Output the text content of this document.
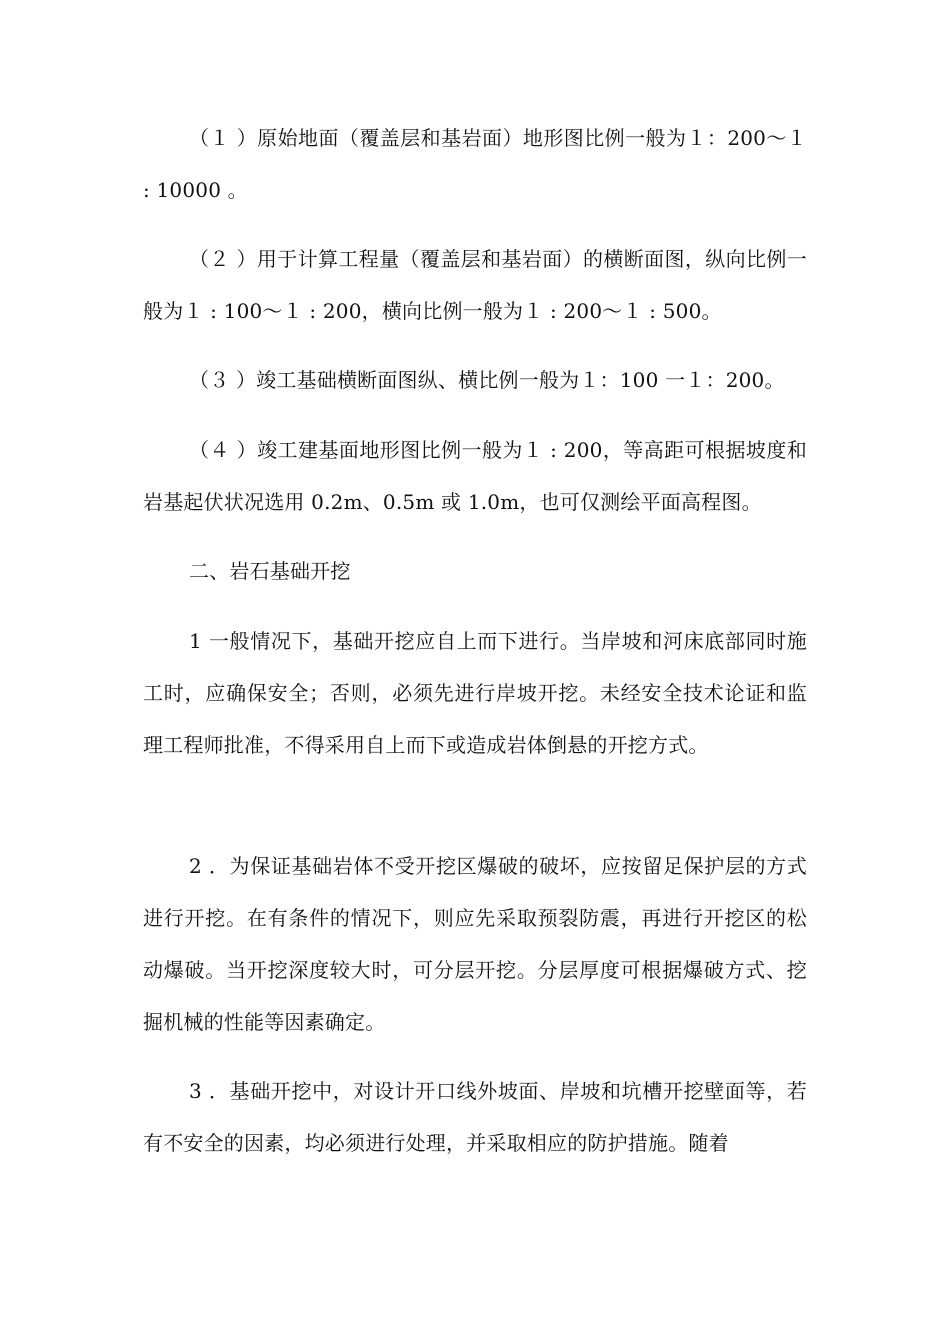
（１ ）原始地面（覆盖层和基岩面）地形图比例一般为１：200～１ : 10000 。

（２ ）用于计算工程量（覆盖层和基岩面）的横断面图，纵向比例一般为１ : 100～１ : 200，横向比例一般为１ : 200～１ : 500。

（３ ）竣工基础横断面图纵、横比例一般为１：100 一１：200。

（４ ）竣工建基面地形图比例一般为１ : 200，等高距可根据坡度和岩基起伏状况选用 0.2m、0.5m 或 1.0m，也可仅测绘平面高程图。

二、岩石基础开挖

1 一般情况下，基础开挖应自上而下进行。当岸坡和河床底部同时施工时，应确保安全；否则，必须先进行岸坡开挖。未经安全技术论证和监理工程师批准，不得采用自上而下或造成岩体倒悬的开挖方式。

2 ．为保证基础岩体不受开挖区爆破的破坏，应按留足保护层的方式进行开挖。在有条件的情况下，则应先采取预裂防震，再进行开挖区的松动爆破。当开挖深度较大时，可分层开挖。分层厚度可根据爆破方式、挖掘机械的性能等因素确定。

3 ．基础开挖中，对设计开口线外坡面、岸坡和坑槽开挖壁面等，若有不安全的因素，均必须进行处理，并采取相应的防护措施。随着
